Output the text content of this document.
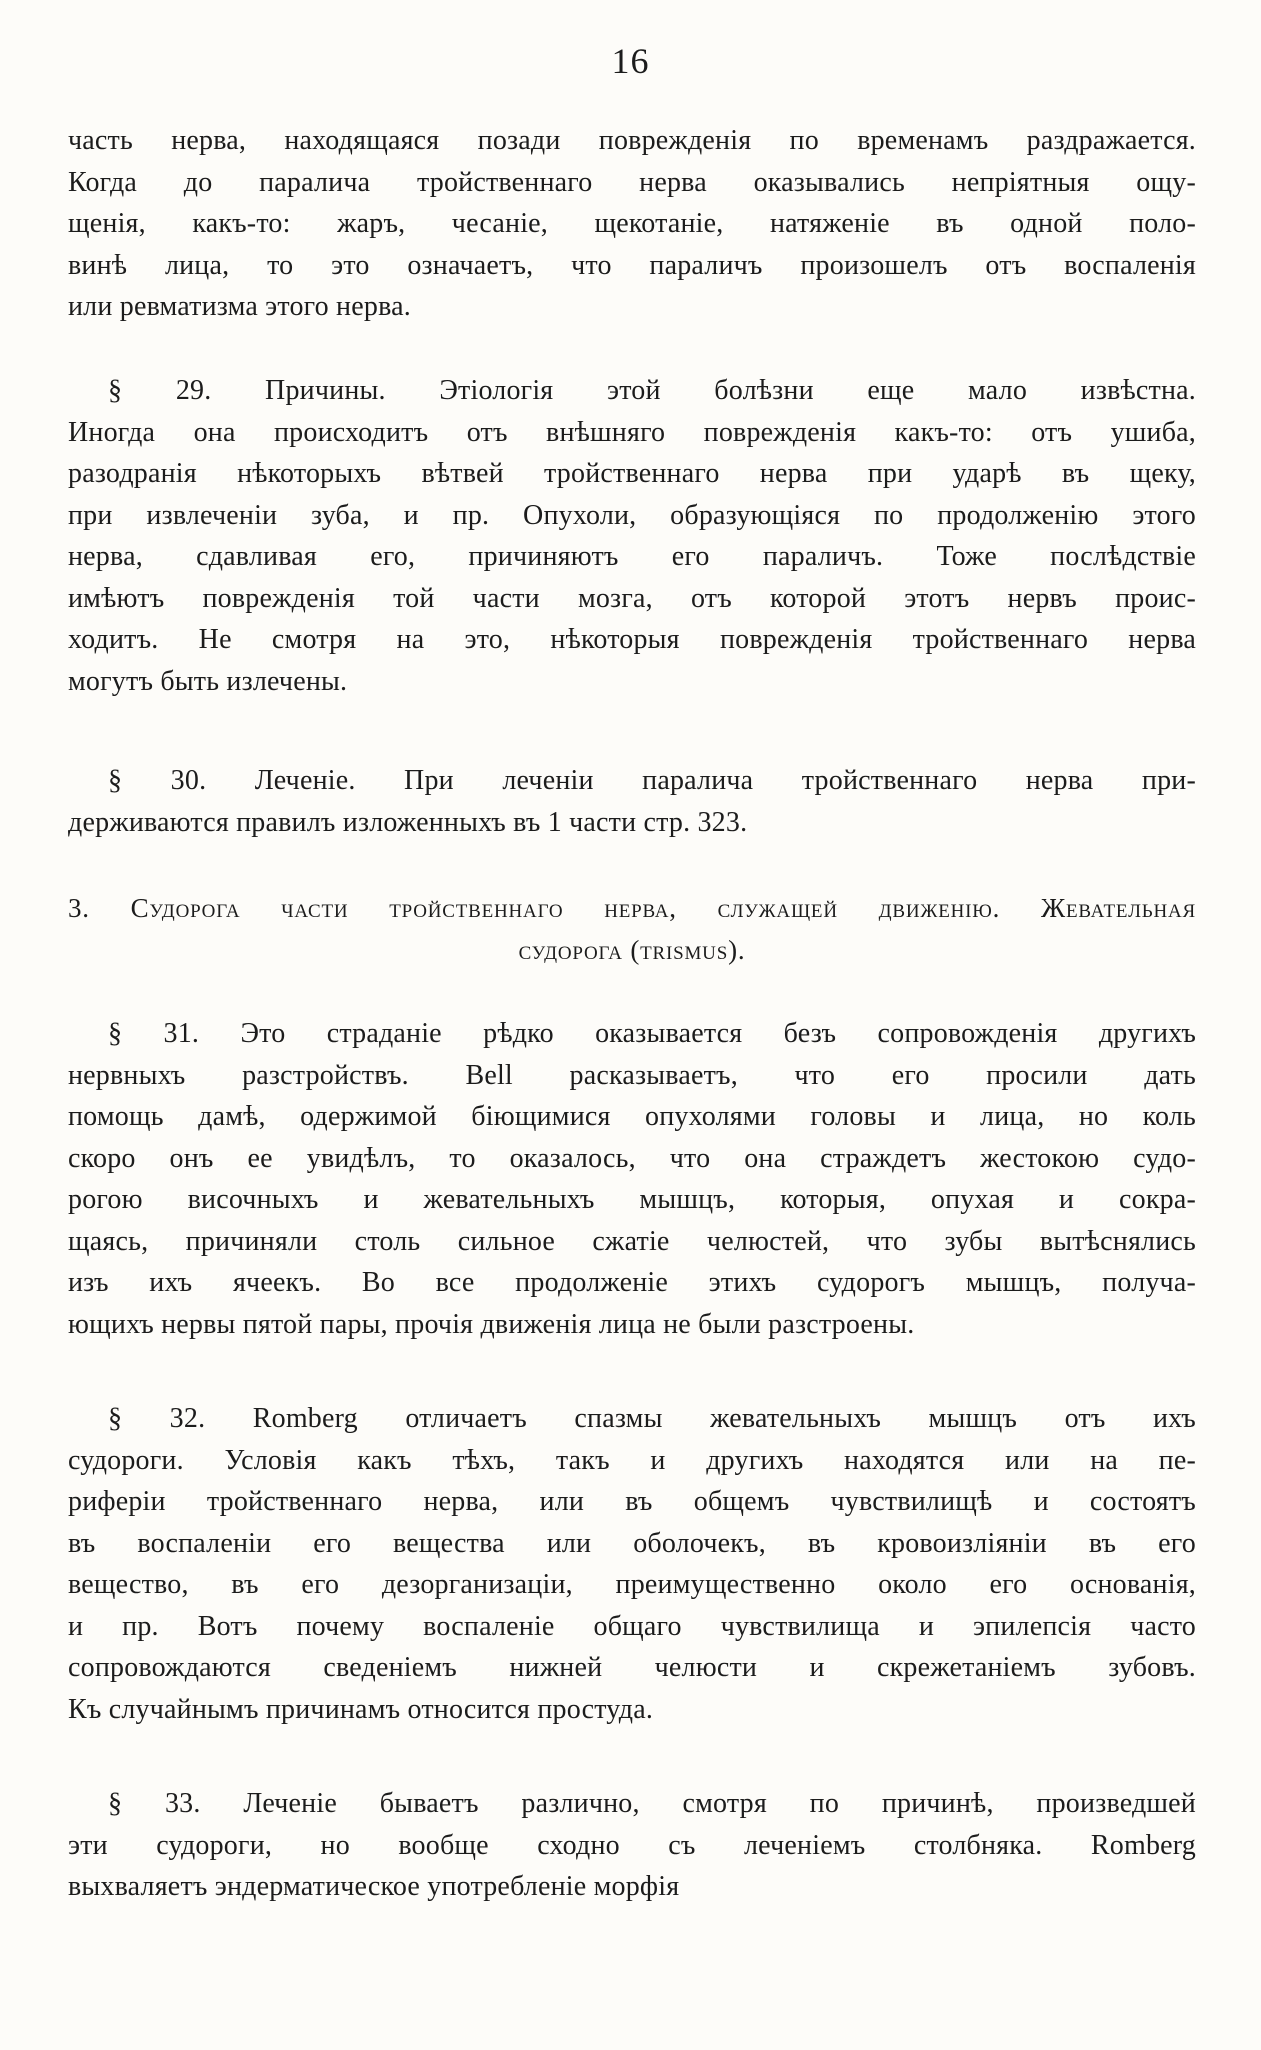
16
часть нерва, находящаяся позади поврежденія по временамъ раздражается.
Когда до паралича тройственнаго нерва оказывались непріятныя ощу-
щенія, какъ-то: жаръ, чесаніе, щекотаніе, натяженіе въ одной поло-
винѣ лица, то это означаетъ, что параличъ произошелъ отъ воспаленія
или ревматизма этого нерва.
§ 29. Причины. Этіологія этой болѣзни еще мало извѣстна.
Иногда она происходитъ отъ внѣшняго поврежденія какъ-то: отъ ушиба,
разодранія нѣкоторыхъ вѣтвей тройственнаго нерва при ударѣ въ щеку,
при извлеченіи зуба, и пр. Опухоли, образующіяся по продолженію этого
нерва, сдавливая его, причиняютъ его параличъ. Тоже послѣдствіе
имѣютъ поврежденія той части мозга, отъ которой этотъ нервъ проис-
ходитъ. Не смотря на это, нѣкоторыя поврежденія тройственнаго нерва
могутъ быть излечены.
§ 30. Леченіе. При леченіи паралича тройственнаго нерва при-
держиваются правилъ изложенныхъ въ 1 части стр. 323.
3. Судорога части тройственнаго нерва, служащей движенію. Жевательная
судорога (trismus).
§ 31. Это страданіе рѣдко оказывается безъ сопровожденія другихъ
нервныхъ разстройствъ. Bell расказываетъ, что его просили дать
помощь дамѣ, одержимой біющимися опухолями головы и лица, но коль
скоро онъ ее увидѣлъ, то оказалось, что она страждетъ жестокою судо-
рогою височныхъ и жевательныхъ мышцъ, которыя, опухая и сокра-
щаясь, причиняли столь сильное сжатіе челюстей, что зубы вытѣснялись
изъ ихъ ячеекъ. Во все продолженіе этихъ судорогъ мышцъ, получа-
ющихъ нервы пятой пары, прочія движенія лица не были разстроены.
§ 32. Romberg отличаетъ спазмы жевательныхъ мышцъ отъ ихъ
судороги. Условія какъ тѣхъ, такъ и другихъ находятся или на пе-
риферіи тройственнаго нерва, или въ общемъ чувствилищѣ и состоятъ
въ воспаленіи его вещества или оболочекъ, въ кровоизліяніи въ его
вещество, въ его дезорганизаціи, преимущественно около его основанія,
и пр. Вотъ почему воспаленіе общаго чувствилища и эпилепсія часто
сопровождаются сведеніемъ нижней челюсти и скрежетаніемъ зубовъ.
Къ случайнымъ причинамъ относится простуда.
§ 33. Леченіе бываетъ различно, смотря по причинѣ, произведшей
эти судороги, но вообще сходно съ леченіемъ столбняка. Romberg
выхваляетъ эндерматическое употребленіе морфія
